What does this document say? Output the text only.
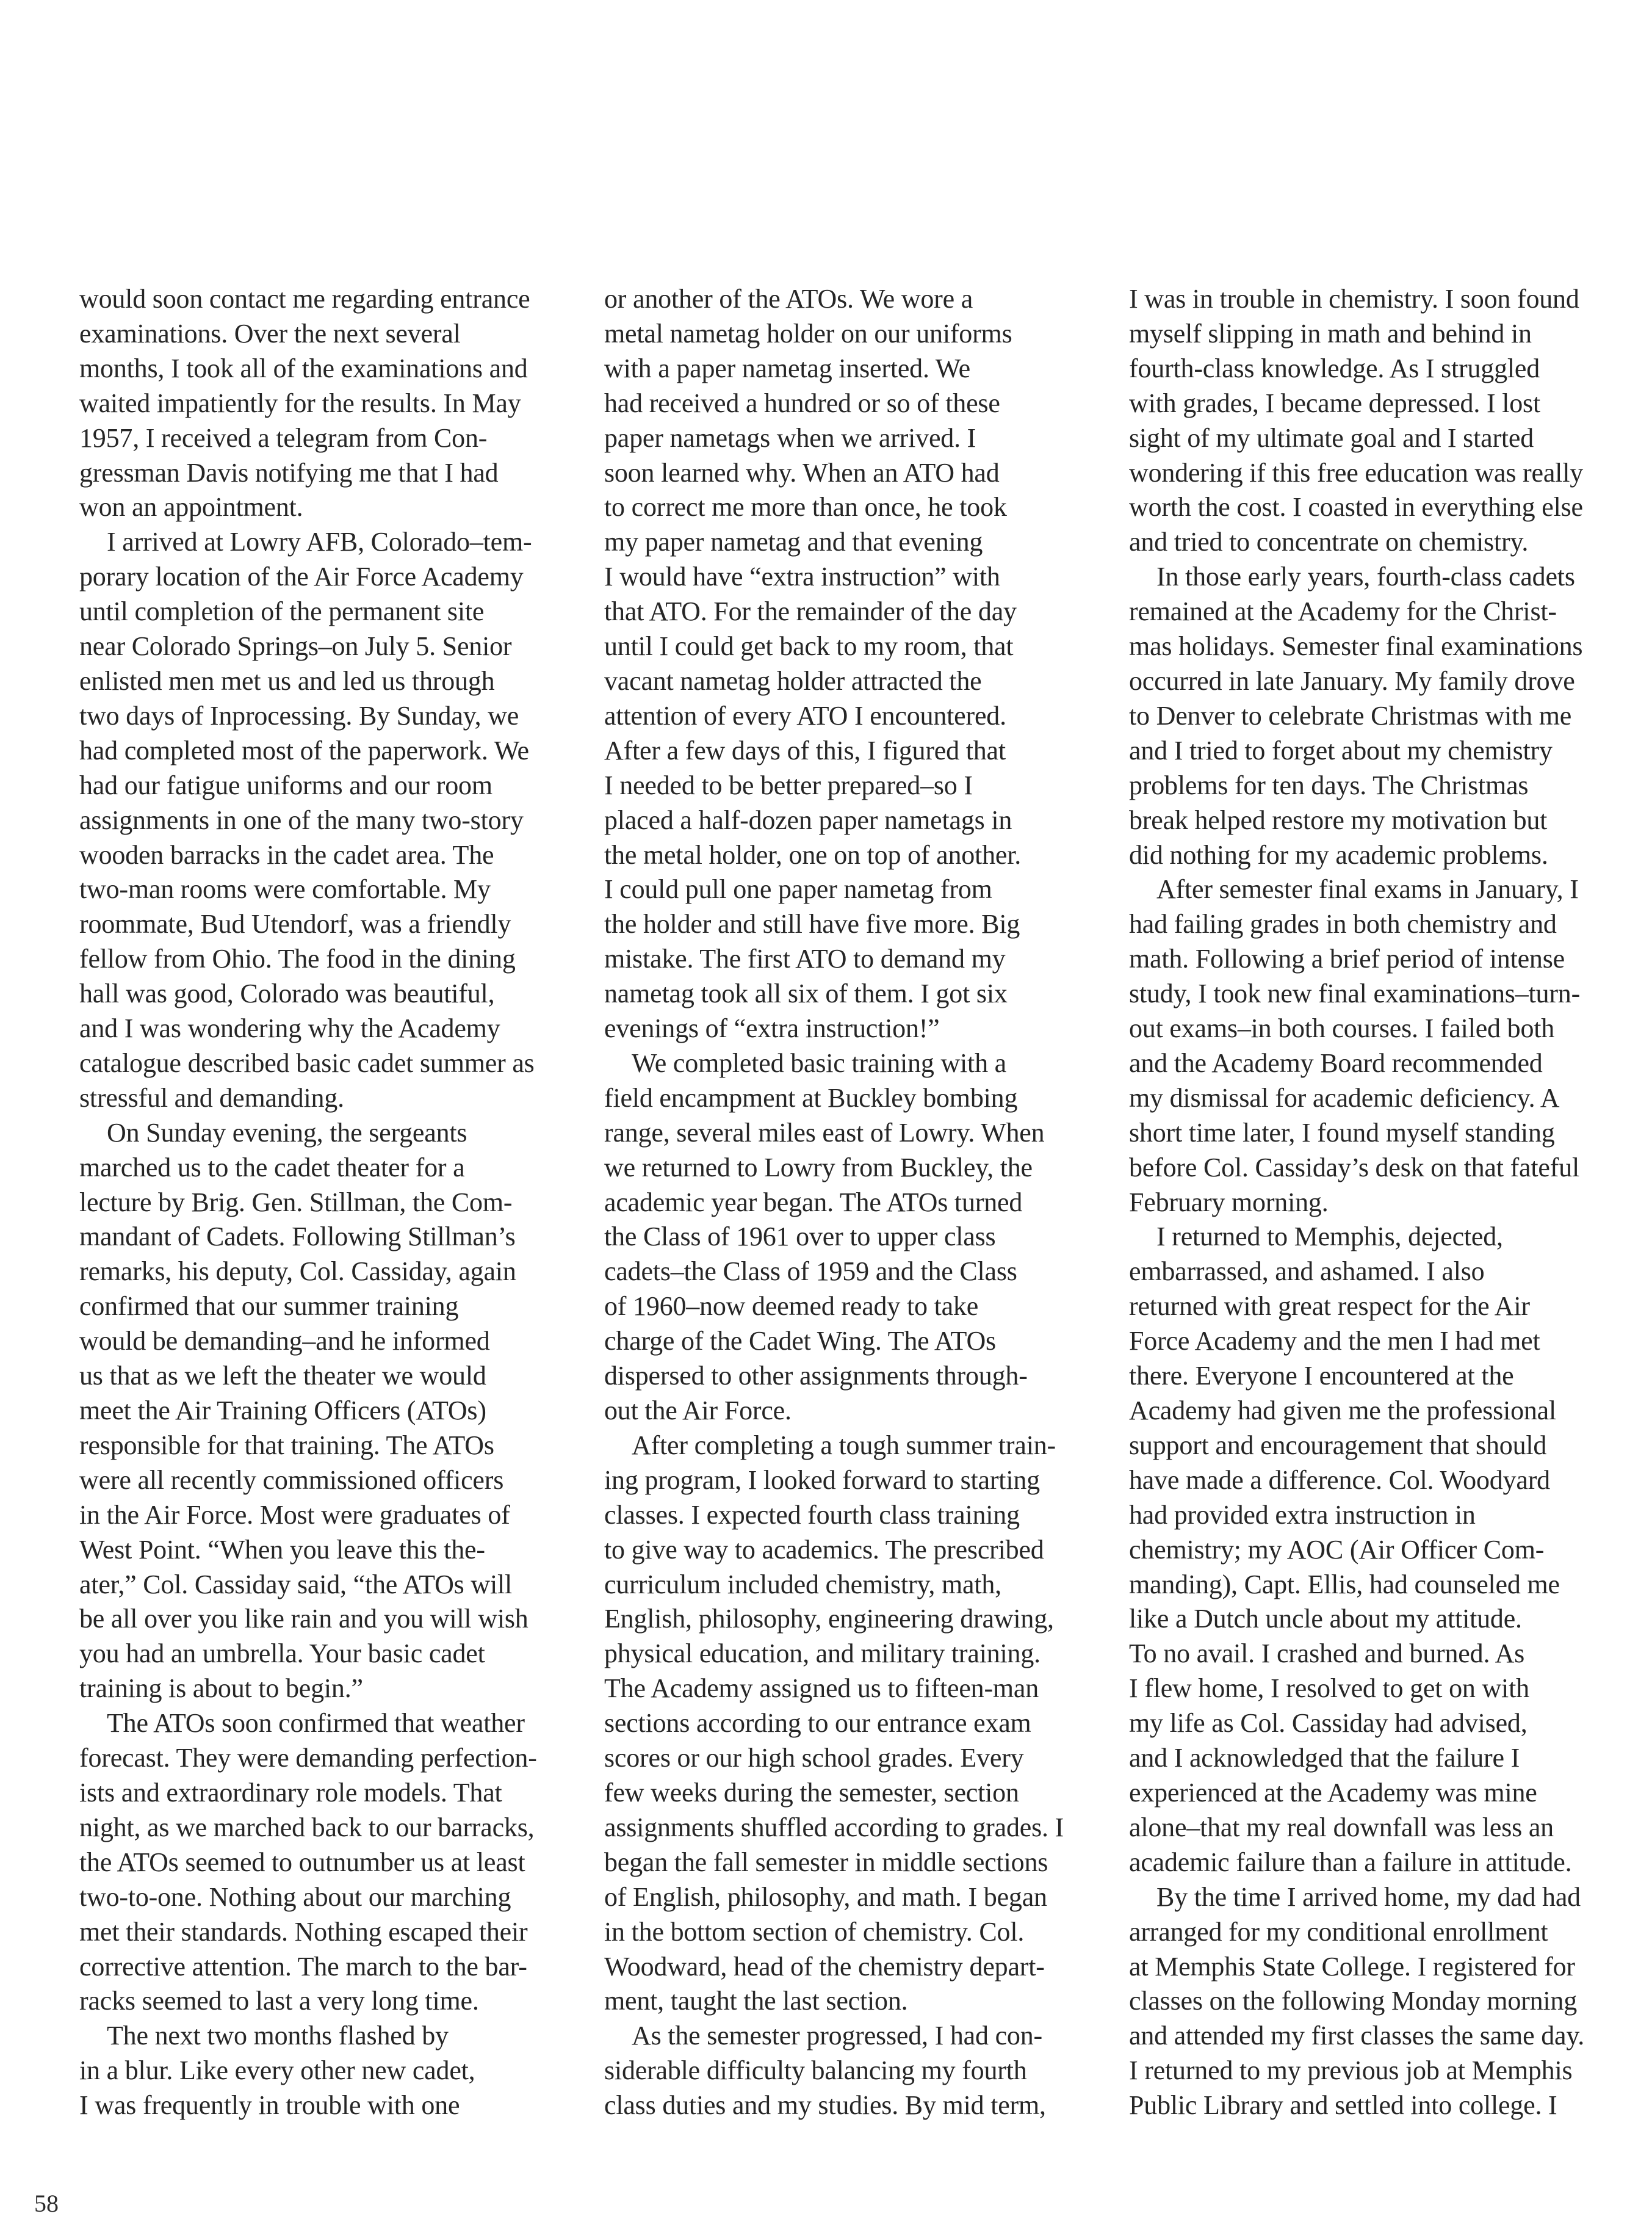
would soon contact me regarding entrance
examinations. Over the next several
months, I took all of the examinations and
waited impatiently for the results. In May
1957, I received a telegram from Con-
gressman Davis notifying me that I had
won an appointment.
I arrived at Lowry AFB, Colorado–tem-
porary location of the Air Force Academy
until completion of the permanent site
near Colorado Springs–on July 5. Senior
enlisted men met us and led us through
two days of Inprocessing. By Sunday, we
had completed most of the paperwork. We
had our fatigue uniforms and our room
assignments in one of the many two-story
wooden barracks in the cadet area. The
two-man rooms were comfortable. My
roommate, Bud Utendorf, was a friendly
fellow from Ohio. The food in the dining
hall was good, Colorado was beautiful,
and I was wondering why the Academy
catalogue described basic cadet summer as
stressful and demanding.
On Sunday evening, the sergeants
marched us to the cadet theater for a
lecture by Brig. Gen. Stillman, the Com-
mandant of Cadets. Following Stillman’s
remarks, his deputy, Col. Cassiday, again
confirmed that our summer training
would be demanding–and he informed
us that as we left the theater we would
meet the Air Training Officers (ATOs)
responsible for that training. The ATOs
were all recently commissioned officers
in the Air Force. Most were graduates of
West Point. “When you leave this the-
ater,” Col. Cassiday said, “the ATOs will
be all over you like rain and you will wish
you had an umbrella. Your basic cadet
training is about to begin.”
The ATOs soon confirmed that weather
forecast. They were demanding perfection-
ists and extraordinary role models. That
night, as we marched back to our barracks,
the ATOs seemed to outnumber us at least
two-to-one. Nothing about our marching
met their standards. Nothing escaped their
corrective attention. The march to the bar-
racks seemed to last a very long time.
The next two months flashed by
in a blur. Like every other new cadet,
I was frequently in trouble with one
or another of the ATOs. We wore a
metal nametag holder on our uniforms
with a paper nametag inserted. We
had received a hundred or so of these
paper nametags when we arrived. I
soon learned why. When an ATO had
to correct me more than once, he took
my paper nametag and that evening
I would have “extra instruction” with
that ATO. For the remainder of the day
until I could get back to my room, that
vacant nametag holder attracted the
attention of every ATO I encountered.
After a few days of this, I figured that
I needed to be better prepared–so I
placed a half-dozen paper nametags in
the metal holder, one on top of another.
I could pull one paper nametag from
the holder and still have five more. Big
mistake. The first ATO to demand my
nametag took all six of them. I got six
evenings of “extra instruction!”
We completed basic training with a
field encampment at Buckley bombing
range, several miles east of Lowry. When
we returned to Lowry from Buckley, the
academic year began. The ATOs turned
the Class of 1961 over to upper class
cadets–the Class of 1959 and the Class
of 1960–now deemed ready to take
charge of the Cadet Wing. The ATOs
dispersed to other assignments through-
out the Air Force.
After completing a tough summer train-
ing program, I looked forward to starting
classes. I expected fourth class training
to give way to academics. The prescribed
curriculum included chemistry, math,
English, philosophy, engineering drawing,
physical education, and military training.
The Academy assigned us to fifteen-man
sections according to our entrance exam
scores or our high school grades. Every
few weeks during the semester, section
assignments shuffled according to grades. I
began the fall semester in middle sections
of English, philosophy, and math. I began
in the bottom section of chemistry. Col.
Woodward, head of the chemistry depart-
ment, taught the last section.
As the semester progressed, I had con-
siderable difficulty balancing my fourth
class duties and my studies. By mid term,
I was in trouble in chemistry. I soon found
myself slipping in math and behind in
fourth-class knowledge. As I struggled
with grades, I became depressed. I lost
sight of my ultimate goal and I started
wondering if this free education was really
worth the cost. I coasted in everything else
and tried to concentrate on chemistry.
In those early years, fourth-class cadets
remained at the Academy for the Christ-
mas holidays. Semester final examinations
occurred in late January. My family drove
to Denver to celebrate Christmas with me
and I tried to forget about my chemistry
problems for ten days. The Christmas
break helped restore my motivation but
did nothing for my academic problems.
After semester final exams in January, I
had failing grades in both chemistry and
math. Following a brief period of intense
study, I took new final examinations–turn-
out exams–in both courses. I failed both
and the Academy Board recommended
my dismissal for academic deficiency. A
short time later, I found myself standing
before Col. Cassiday’s desk on that fateful
February morning.
I returned to Memphis, dejected,
embarrassed, and ashamed. I also
returned with great respect for the Air
Force Academy and the men I had met
there. Everyone I encountered at the
Academy had given me the professional
support and encouragement that should
have made a difference. Col. Woodyard
had provided extra instruction in
chemistry; my AOC (Air Officer Com-
manding), Capt. Ellis, had counseled me
like a Dutch uncle about my attitude.
To no avail. I crashed and burned. As
I flew home, I resolved to get on with
my life as Col. Cassiday had advised,
and I acknowledged that the failure I
experienced at the Academy was mine
alone–that my real downfall was less an
academic failure than a failure in attitude.
By the time I arrived home, my dad had
arranged for my conditional enrollment
at Memphis State College. I registered for
classes on the following Monday morning
and attended my first classes the same day.
I returned to my previous job at Memphis
Public Library and settled into college. I
58
